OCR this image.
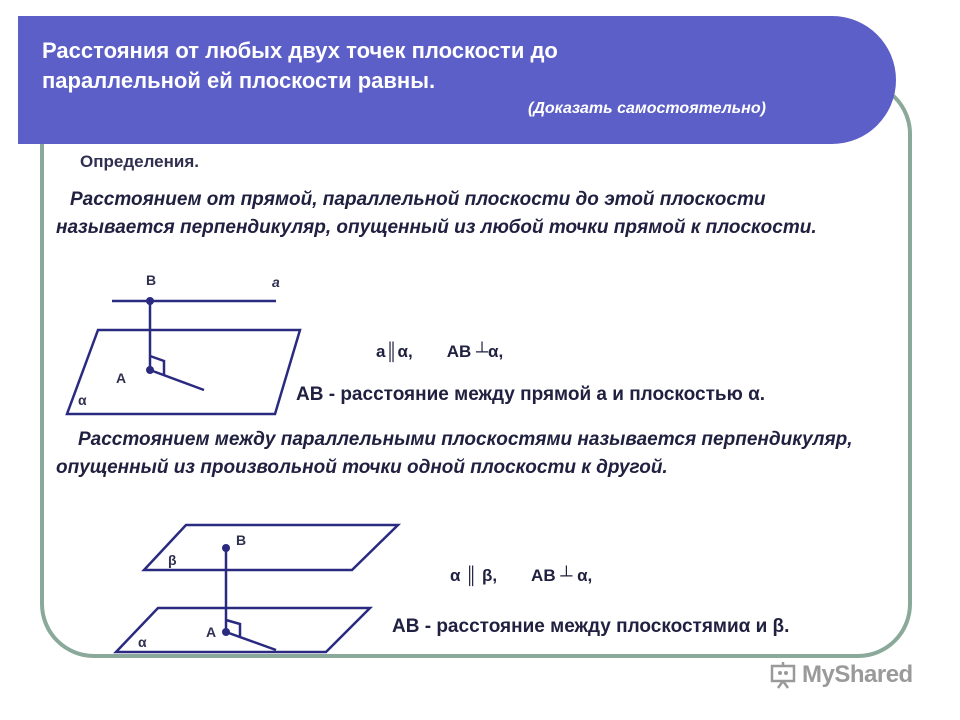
Расстояния от любых двух точек плоскости до
параллельной ей плоскости равны.
(Доказать самостоятельно)
Определения.
Расстоянием от прямой, параллельной плоскости до этой плоскости называется перпендикуляр, опущенный из любой точки прямой к плоскости.
B	a
A
α
a║α, AB ┴α,
АВ - расстояние между прямой а и плоскостью α.
Расстоянием между параллельными плоскостями называется перпендикуляр, опущенный из произвольной точки одной плоскости к другой.
B
β
A
α
α ║ β, AB ┴ α,
АВ - расстояние между плоскостямиα и β.
MyShared
